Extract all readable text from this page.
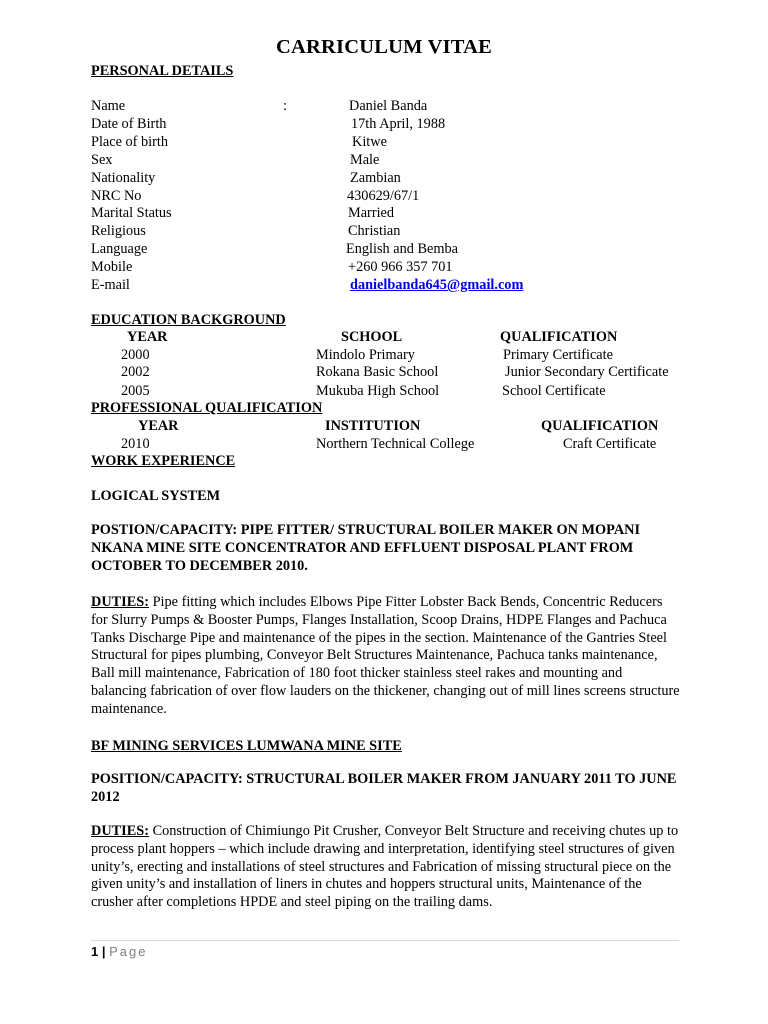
CARRICULUM VITAE
PERSONAL DETAILS
Name	:	Daniel Banda
Date of Birth	17th April, 1988
Place of birth	Kitwe
Sex	Male
Nationality	Zambian
NRC No	430629/67/1
Marital Status	Married
Religious	Christian
Language	English and Bemba
Mobile	+260 966 357 701
E-mail	danielbanda645@gmail.com
EDUCATION BACKGROUND
YEAR	SCHOOL	QUALIFICATION
2000	Mindolo Primary	Primary Certificate
2002	Rokana Basic School	Junior Secondary Certificate
2005	Mukuba High School	School Certificate
PROFESSIONAL QUALIFICATION
YEAR	INSTITUTION	QUALIFICATION
2010	Northern Technical College	Craft Certificate
WORK EXPERIENCE
LOGICAL SYSTEM
POSTION/CAPACITY: PIPE FITTER/ STRUCTURAL BOILER MAKER ON MOPANI NKANA MINE SITE CONCENTRATOR AND EFFLUENT DISPOSAL PLANT FROM OCTOBER TO DECEMBER 2010.
DUTIES: Pipe fitting which includes Elbows Pipe Fitter Lobster Back Bends, Concentric Reducers for Slurry Pumps & Booster Pumps, Flanges Installation, Scoop Drains, HDPE Flanges and Pachuca Tanks Discharge Pipe and maintenance of the pipes in the section. Maintenance of the Gantries Steel Structural for pipes plumbing, Conveyor Belt Structures Maintenance, Pachuca tanks maintenance, Ball mill maintenance, Fabrication of 180 foot thicker stainless steel rakes and mounting and balancing fabrication of over flow lauders on the thickener, changing out of mill lines screens structure maintenance.
BF MINING SERVICES LUMWANA MINE SITE
POSITION/CAPACITY: STRUCTURAL BOILER MAKER FROM JANUARY 2011 TO JUNE 2012
DUTIES: Construction of Chimiungo Pit Crusher, Conveyor Belt Structure and receiving chutes up to process plant hoppers – which include drawing and interpretation, identifying steel structures of given unity’s, erecting and installations of steel structures and Fabrication of missing structural piece on the given unity’s and installation of liners in chutes and hoppers structural units, Maintenance of the crusher after completions HPDE and steel piping on the trailing dams.
1 | Page
